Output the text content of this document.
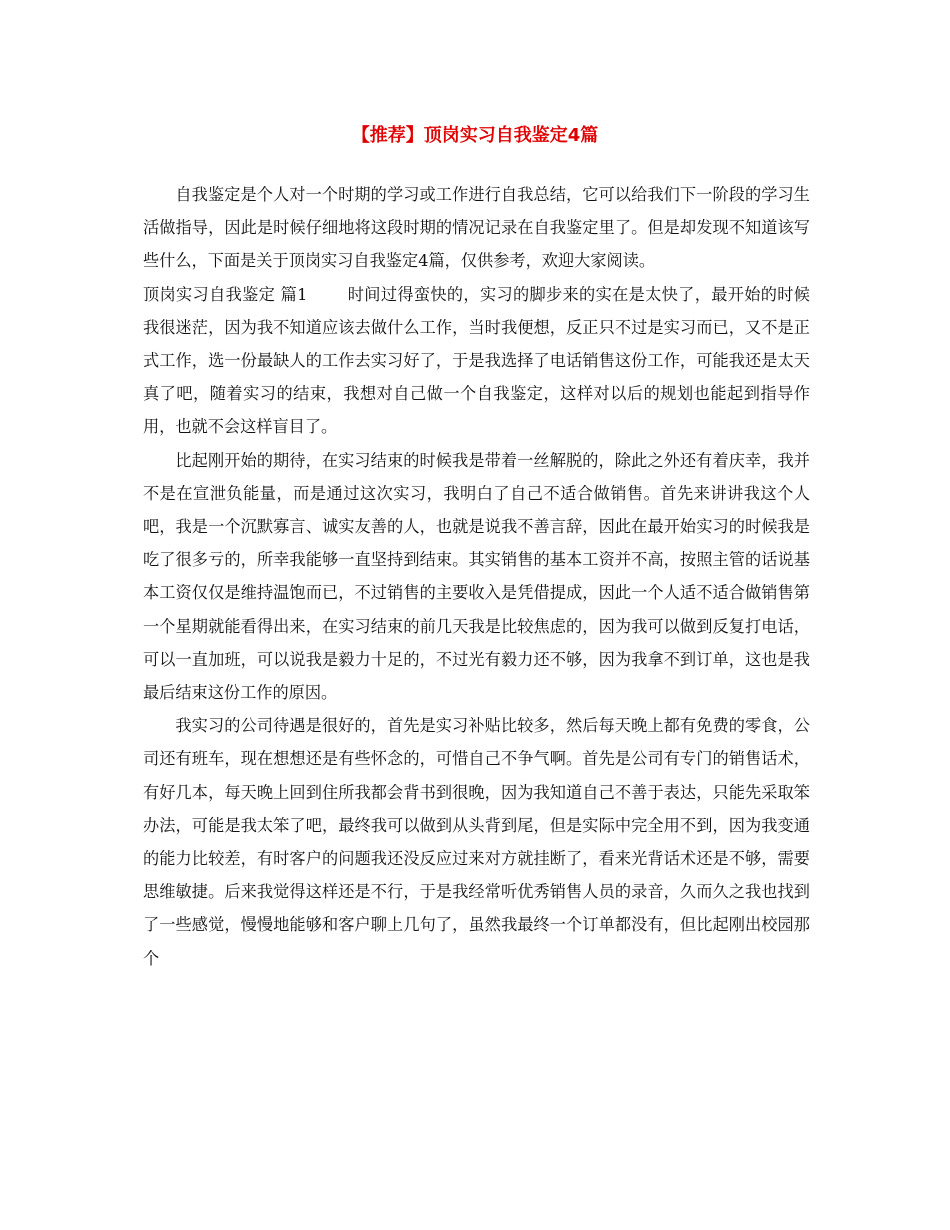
【推荐】顶岗实习自我鉴定4篇

自我鉴定是个人对一个时期的学习或工作进行自我总结，它可以给我们下一阶段的学习生活做指导，因此是时候仔细地将这段时期的情况记录在自我鉴定里了。但是却发现不知道该写些什么，下面是关于顶岗实习自我鉴定4篇，仅供参考，欢迎大家阅读。

顶岗实习自我鉴定 篇1 时间过得蛮快的，实习的脚步来的实在是太快了，最开始的时候我很迷茫，因为我不知道应该去做什么工作，当时我便想，反正只不过是实习而已，又不是正式工作，选一份最缺人的工作去实习好了，于是我选择了电话销售这份工作，可能我还是太天真了吧，随着实习的结束，我想对自己做一个自我鉴定，这样对以后的规划也能起到指导作用，也就不会这样盲目了。

比起刚开始的期待，在实习结束的时候我是带着一丝解脱的，除此之外还有着庆幸，我并不是在宣泄负能量，而是通过这次实习，我明白了自己不适合做销售。首先来讲讲我这个人吧，我是一个沉默寡言、诚实友善的人，也就是说我不善言辞，因此在最开始实习的时候我是吃了很多亏的，所幸我能够一直坚持到结束。其实销售的基本工资并不高，按照主管的话说基本工资仅仅是维持温饱而已，不过销售的主要收入是凭借提成，因此一个人适不适合做销售第一个星期就能看得出来，在实习结束的前几天我是比较焦虑的，因为我可以做到反复打电话，可以一直加班，可以说我是毅力十足的，不过光有毅力还不够，因为我拿不到订单，这也是我最后结束这份工作的原因。

我实习的公司待遇是很好的，首先是实习补贴比较多，然后每天晚上都有免费的零食，公司还有班车，现在想想还是有些怀念的，可惜自己不争气啊。首先是公司有专门的销售话术，有好几本，每天晚上回到住所我都会背书到很晚，因为我知道自己不善于表达，只能先采取笨办法，可能是我太笨了吧，最终我可以做到从头背到尾，但是实际中完全用不到，因为我变通的能力比较差，有时客户的问题我还没反应过来对方就挂断了，看来光背话术还是不够，需要思维敏捷。后来我觉得这样还是不行，于是我经常听优秀销售人员的录音，久而久之我也找到了一些感觉，慢慢地能够和客户聊上几句了，虽然我最终一个订单都没有，但比起刚出校园那个
